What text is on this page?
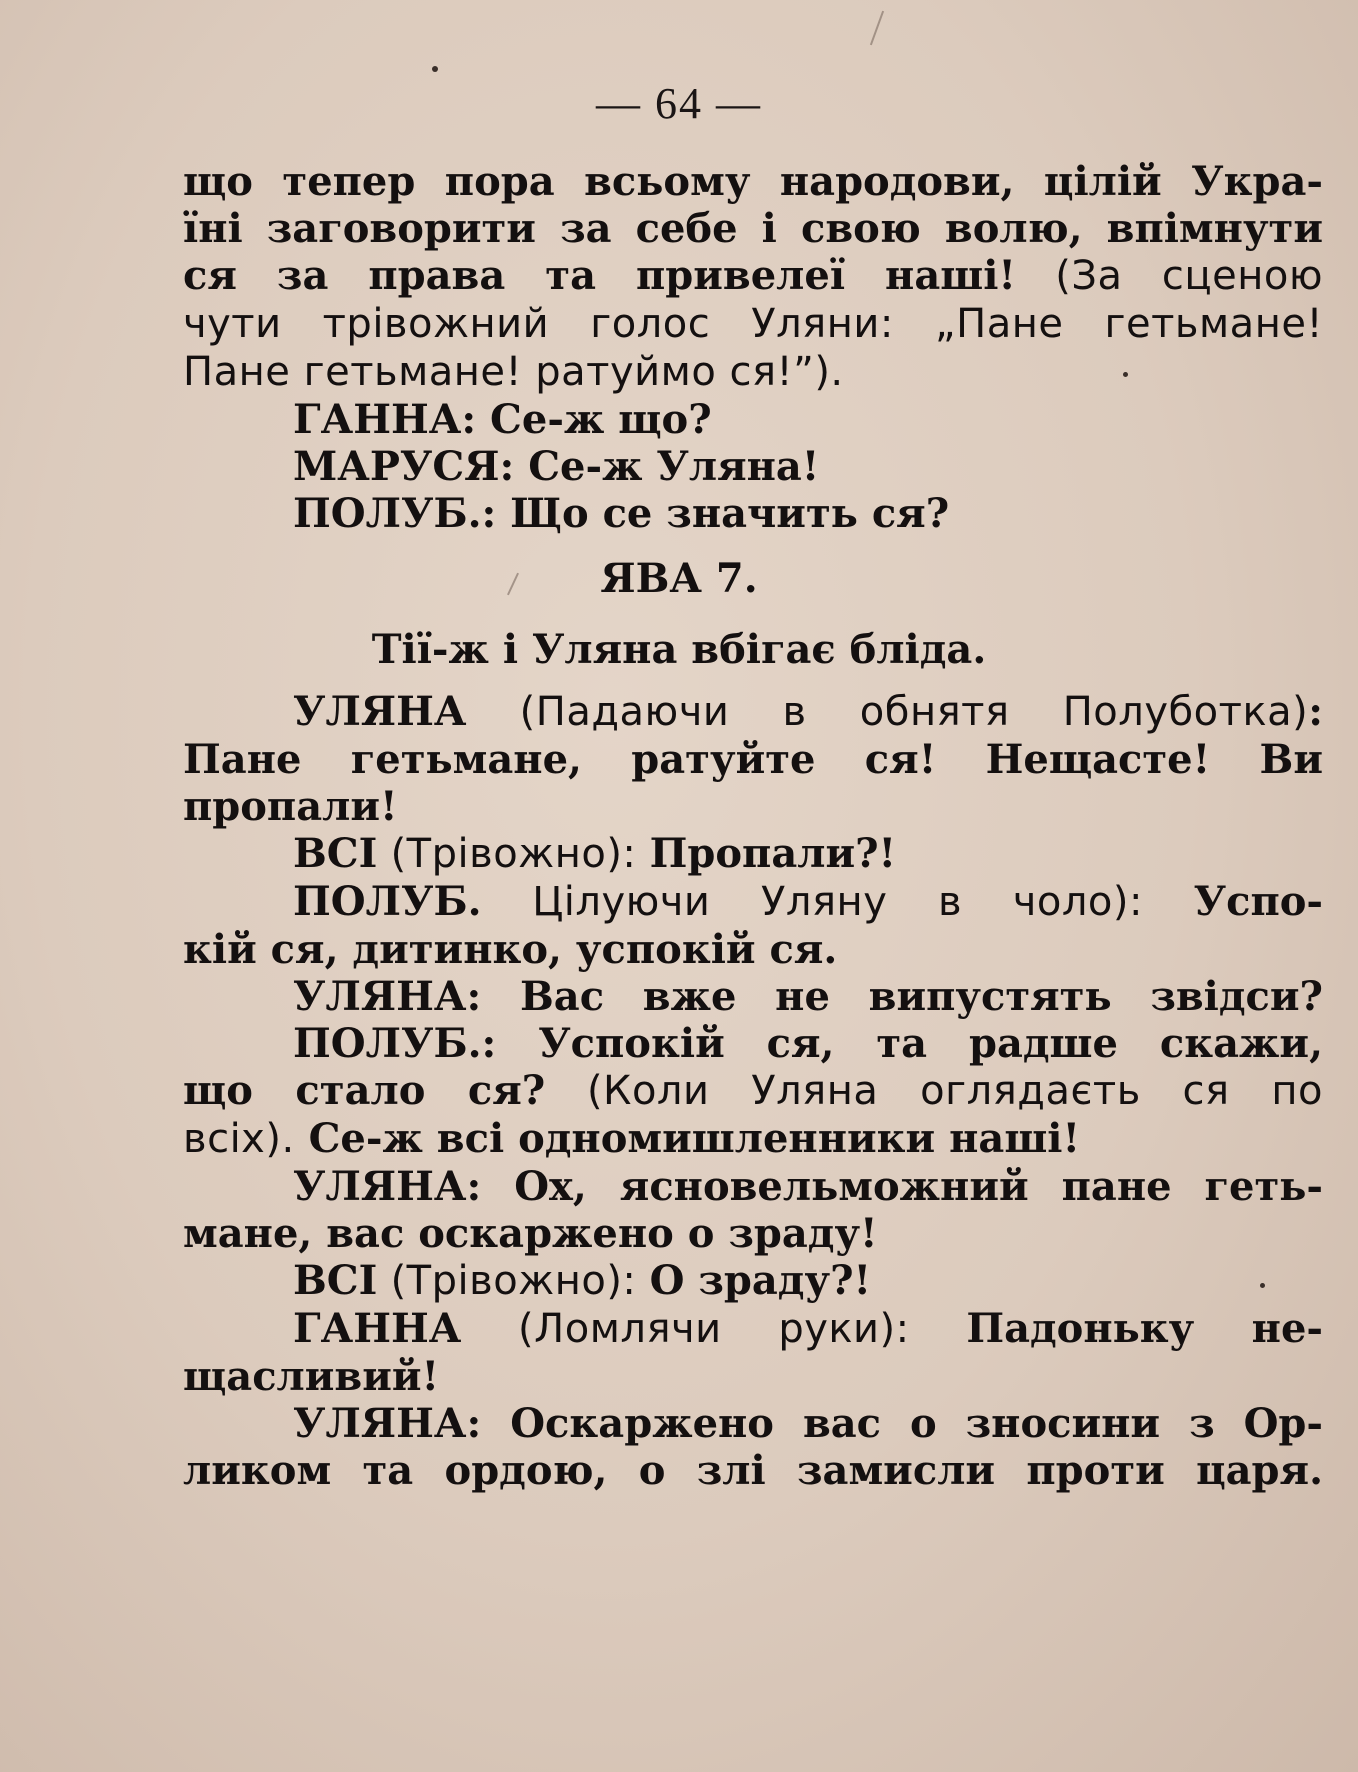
— 64 —
що тепер пора всьому народови, цілій Укра-
їні заговорити за себе і свою волю, впімнути
ся за права та привелеї наші! (За сценою
чути трівожний голос Уляни: „Пане гетьмане!
Пане гетьмане! ратуймо ся!”).
ГАННА: Се-ж що?
МАРУСЯ: Се-ж Уляна!
ПОЛУБ.: Що се значить ся?
ЯВА 7.
Тії-ж і Уляна вбігає бліда.
УЛЯНА (Падаючи в обнятя Полуботка):
Пане гетьмане, ратуйте ся! Нещасте! Ви
пропали!
ВСІ (Трівожно): Пропали?!
ПОЛУБ. Цілуючи Уляну в чоло): Успо-
кій ся, дитинко, успокій ся.
УЛЯНА: Вас вже не випустять звідси?
ПОЛУБ.: Успокій ся, та радше скажи,
що стало ся? (Коли Уляна оглядаєть ся по
всіх). Се-ж всі одномишленники наші!
УЛЯНА: Ох, ясновельможний пане геть-
мане, вас оскаржено о зраду!
ВСІ (Трівожно): О зраду?!
ГАННА (Ломлячи руки): Падоньку не-
щасливий!
УЛЯНА: Оскаржено вас о зносини з Ор-
ликом та ордою, о злі замисли проти царя.
